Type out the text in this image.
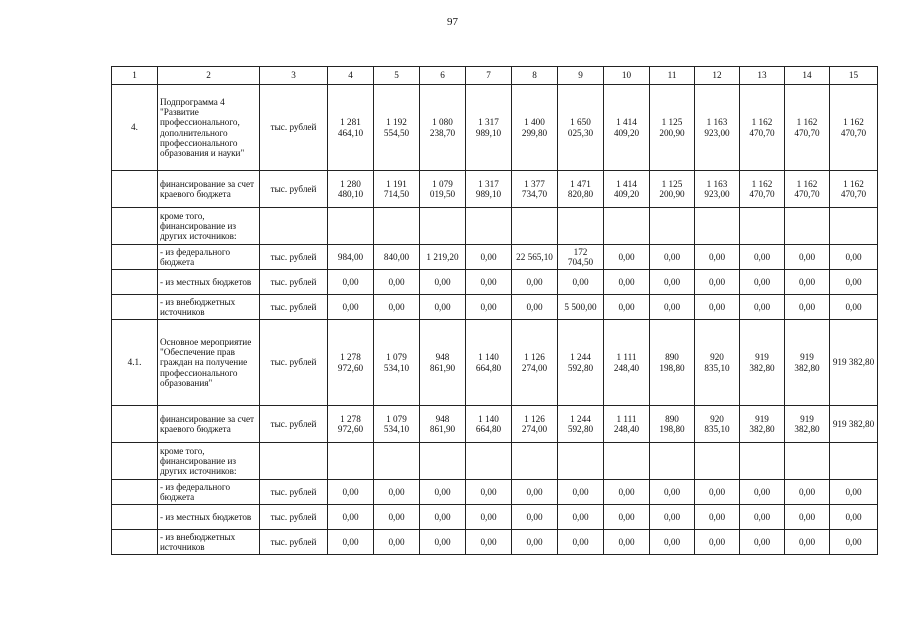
97
1	2	3	4	5	6	7	8	9	10	11	12	13	14	15
4.	Подпрограмма 4 "Развитие профессионального, дополнительного профессионального образования и науки"	тыс. рублей	1 281 464,10	1 192 554,50	1 080 238,70	1 317 989,10	1 400 299,80	1 650 025,30	1 414 409,20	1 125 200,90	1 163 923,00	1 162 470,70	1 162 470,70	1 162 470,70
	финансирование за счет краевого бюджета	тыс. рублей	1 280 480,10	1 191 714,50	1 079 019,50	1 317 989,10	1 377 734,70	1 471 820,80	1 414 409,20	1 125 200,90	1 163 923,00	1 162 470,70	1 162 470,70	1 162 470,70
	кроме того, финансирование из других источников:													
	- из федерального бюджета	тыс. рублей	984,00	840,00	1 219,20	0,00	22 565,10	172 704,50	0,00	0,00	0,00	0,00	0,00	0,00
	- из местных бюджетов	тыс. рублей	0,00	0,00	0,00	0,00	0,00	0,00	0,00	0,00	0,00	0,00	0,00	0,00
	- из внебюджетных источников	тыс. рублей	0,00	0,00	0,00	0,00	0,00	5 500,00	0,00	0,00	0,00	0,00	0,00	0,00
4.1.	Основное мероприятие "Обеспечение прав граждан на получение профессионального образования"	тыс. рублей	1 278 972,60	1 079 534,10	948 861,90	1 140 664,80	1 126 274,00	1 244 592,80	1 111 248,40	890 198,80	920 835,10	919 382,80	919 382,80	919 382,80
	финансирование за счет краевого бюджета	тыс. рублей	1 278 972,60	1 079 534,10	948 861,90	1 140 664,80	1 126 274,00	1 244 592,80	1 111 248,40	890 198,80	920 835,10	919 382,80	919 382,80	919 382,80
	кроме того, финансирование из других источников:													
	- из федерального бюджета	тыс. рублей	0,00	0,00	0,00	0,00	0,00	0,00	0,00	0,00	0,00	0,00	0,00	0,00
	- из местных бюджетов	тыс. рублей	0,00	0,00	0,00	0,00	0,00	0,00	0,00	0,00	0,00	0,00	0,00	0,00
	- из внебюджетных источников	тыс. рублей	0,00	0,00	0,00	0,00	0,00	0,00	0,00	0,00	0,00	0,00	0,00	0,00
